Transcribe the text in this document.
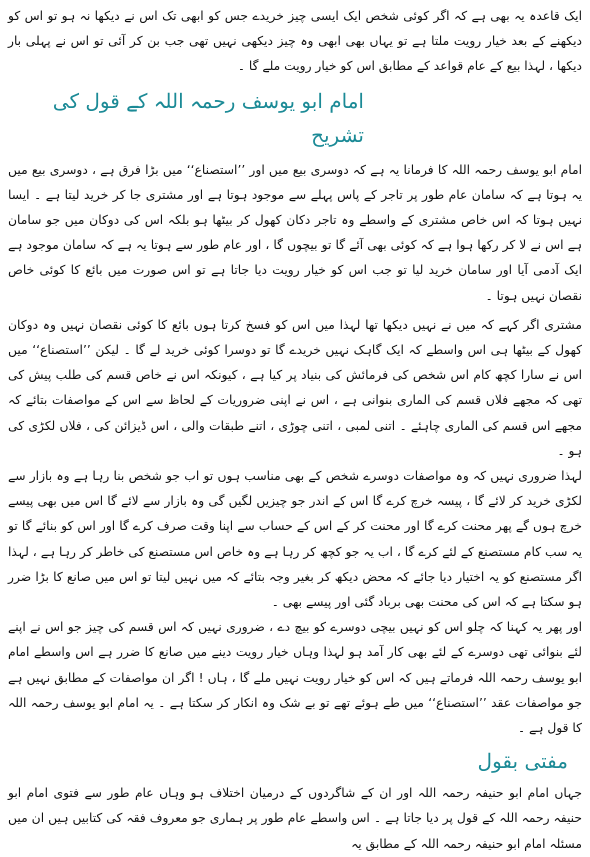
ایک قاعدہ یہ بھی ہے کہ اگر کوئی شخص ایک ایسی چیز خریدے جس کو ابھی تک اس نے دیکھا نہ ہو تو اس کو دیکھنے کے بعد خیار رویت ملتا ہے تو یہاں بھی ابھی وہ چیز دیکھی نہیں تھی جب بن کر آئی تو اس نے پہلی بار دیکھا ، لہذا بیع کے عام قواعد کے مطابق اس کو خیار رویت ملے گا ۔

امام ابو یوسف رحمہ اللہ کے قول کی تشریح

امام ابو یوسف رحمہ اللہ کا فرمانا یہ ہے کہ دوسری بیع میں اور ’’استصناع‘‘ میں بڑا فرق ہے ، دوسری بیع میں یہ ہوتا ہے کہ سامان عام طور پر تاجر کے پاس پہلے سے موجود ہوتا ہے اور مشتری جا کر خرید لیتا ہے ۔ ایسا نہیں ہوتا کہ اس خاص مشتری کے واسطے وہ تاجر دکان کھول کر بیٹھا ہو بلکہ اس کی دوکان میں جو سامان ہے اس نے لا کر رکھا ہوا ہے کہ کوئی بھی آئے گا تو بیچوں گا ، اور عام طور سے ہوتا یہ ہے کہ سامان موجود ہے ایک آدمی آیا اور سامان خرید لیا تو جب اس کو خیار رویت دیا جاتا ہے تو اس صورت میں بائع کا کوئی خاص نقصان نہیں ہوتا ۔

مشتری اگر کہے کہ میں نے نہیں دیکھا تھا لہذا میں اس کو فسخ کرتا ہوں بائع کا کوئی نقصان نہیں وہ دوکان کھول کے بیٹھا ہی اس واسطے کہ ایک گاہک نہیں خریدے گا تو دوسرا کوئی خرید لے گا ۔ لیکن ’’استصناع‘‘ میں اس نے سارا کچھ کام اس شخص کی فرمائش کی بنیاد پر کیا ہے ، کیونکہ اس نے خاص قسم کی طلب پیش کی تھی کہ مجھے فلاں قسم کی الماری بنوانی ہے ، اس نے اپنی ضروریات کے لحاظ سے اس کے مواصفات بتائے کہ مجھے اس قسم کی الماری چاہئے ۔ اتنی لمبی ، اتنی چوڑی ، اتنے طبقات والی ، اس ڈیزائن کی ، فلاں لکڑی کی ہو ۔

لہذا ضروری نہیں کہ وہ مواصفات دوسرے شخص کے بھی مناسب ہوں تو اب جو شخص بنا رہا ہے وہ بازار سے لکڑی خرید کر لائے گا ، پیسہ خرچ کرے گا اس کے اندر جو چیزیں لگیں گی وہ بازار سے لائے گا اس میں بھی پیسے خرچ ہوں گے پھر محنت کرے گا اور محنت کر کے اس کے حساب سے اپنا وقت صرف کرے گا اور اس کو بنائے گا تو یہ سب کام مستصنع کے لئے کرے گا ، اب یہ جو کچھ کر رہا ہے وہ خاص اس مستصنع کی خاطر کر رہا ہے ، لہذا اگر مستصنع کو یہ اختیار دیا جائے کہ محض دیکھ کر بغیر وجہ بتائے کہ میں نہیں لیتا تو اس میں صانع کا بڑا ضرر ہو سکتا ہے کہ اس کی محنت بھی برباد گئی اور پیسے بھی ۔

اور پھر یہ کہنا کہ چلو اس کو نہیں بیچی دوسرے کو بیچ دے ، ضروری نہیں کہ اس قسم کی چیز جو اس نے اپنے لئے بنوائی تھی دوسرے کے لئے بھی کار آمد ہو لہذا وہاں خیار رویت دینے میں صانع کا ضرر ہے اس واسطے امام ابو یوسف رحمہ اللہ فرماتے ہیں کہ اس کو خیار رویت نہیں ملے گا ، ہاں ! اگر ان مواصفات کے مطابق نہیں ہے جو مواصفات عقد ’’استصناع‘‘ میں طے ہوئے تھے تو بے شک وہ انکار کر سکتا ہے ۔ یہ امام ابو یوسف رحمہ اللہ کا قول ہے ۔

مفتی بقول

جہاں امام ابو حنیفہ رحمہ اللہ اور ان کے شاگردوں کے درمیان اختلاف ہو وہاں عام طور سے فتوی امام ابو حنیفہ رحمہ اللہ کے قول پر دیا جاتا ہے ۔ اس واسطے عام طور پر ہماری جو معروف فقہ کی کتابیں ہیں ان میں مسئلہ امام ابو حنیفہ رحمہ اللہ کے مطابق یہ
